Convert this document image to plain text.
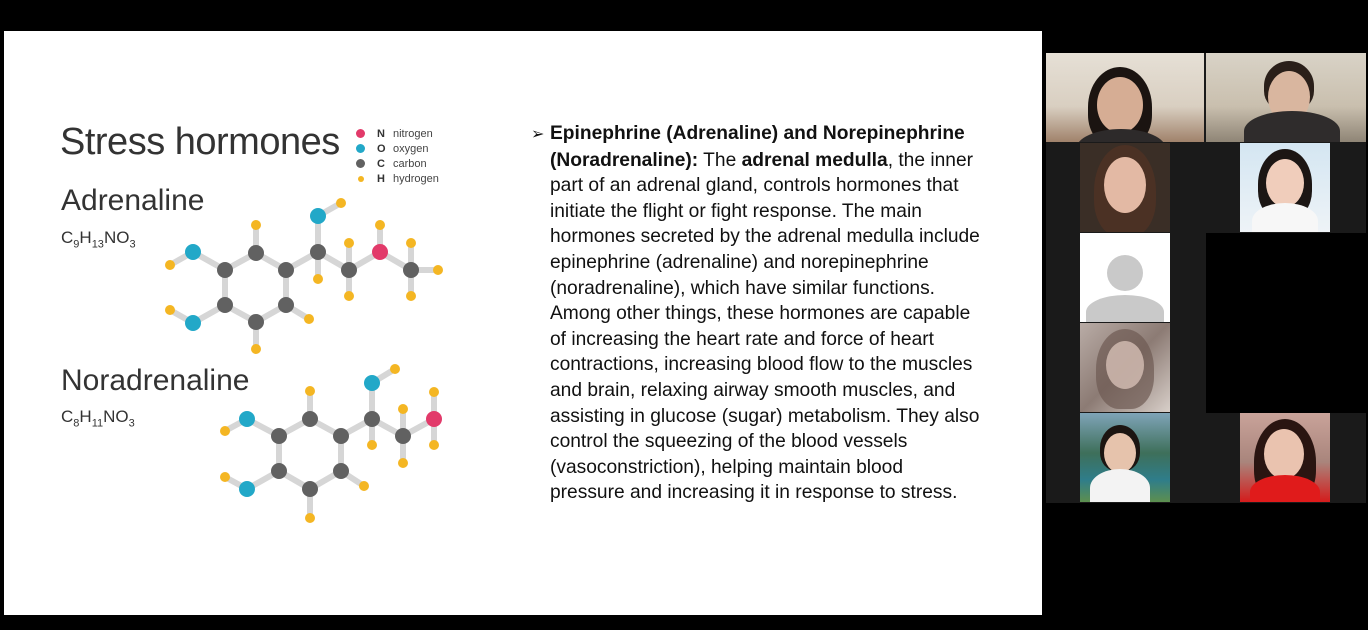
Stress hormones	N nitrogen
O oxygen
C carbon
H hydrogen
Adrenaline
$C_9H_{13}NO_3$
Noradrenaline
$C_8H_{11}NO_3$

➢ Epinephrine (Adrenaline) and Norepinephrine (Noradrenaline): The adrenal medulla, the inner part of an adrenal gland, controls hormones that initiate the flight or fight response. The main hormones secreted by the adrenal medulla include epinephrine (adrenaline) and norepinephrine (noradrenaline), which have similar functions. Among other things, these hormones are capable of increasing the heart rate and force of heart contractions, increasing blood flow to the muscles and brain, relaxing airway smooth muscles, and assisting in glucose (sugar) metabolism. They also control the squeezing of the blood vessels (vasoconstriction), helping maintain blood pressure and increasing it in response to stress.
